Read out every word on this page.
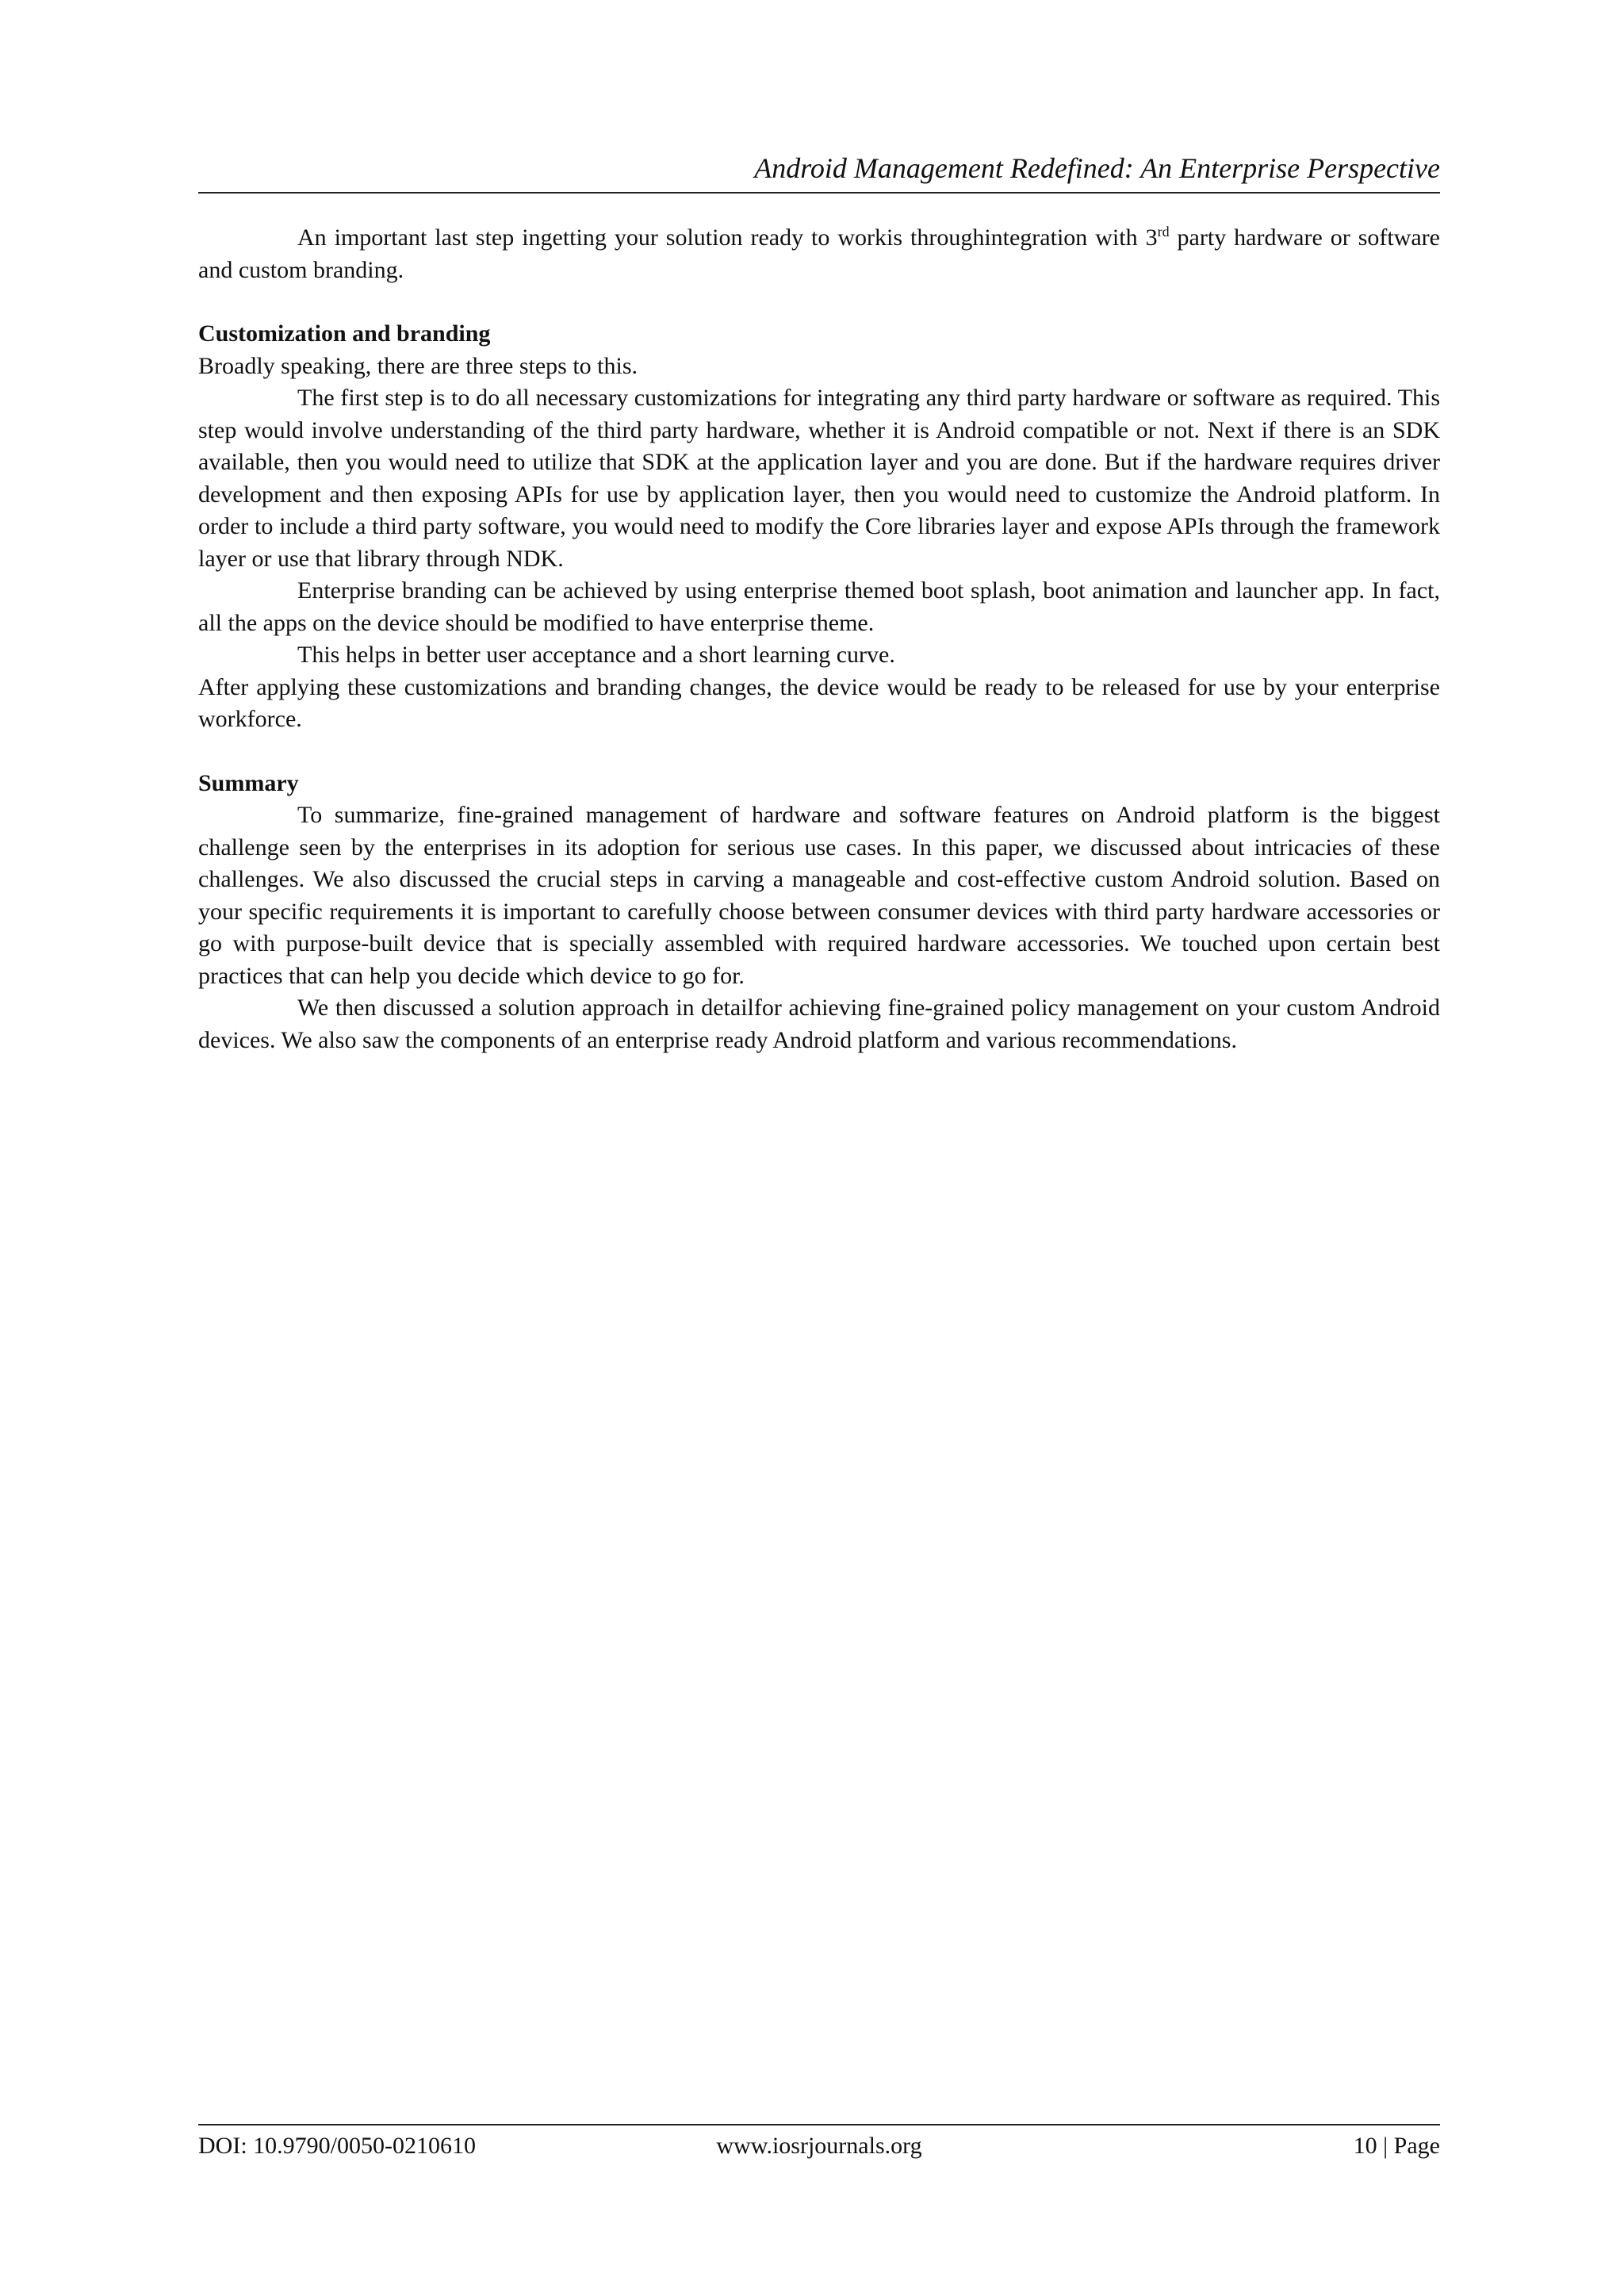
Android Management Redefined: An Enterprise Perspective

An important last step ingetting your solution ready to workis throughintegration with 3rd party hardware or software and custom branding.

Customization and branding

Broadly speaking, there are three steps to this.

The first step is to do all necessary customizations for integrating any third party hardware or software as required. This step would involve understanding of the third party hardware, whether it is Android compatible or not. Next if there is an SDK available, then you would need to utilize that SDK at the application layer and you are done. But if the hardware requires driver development and then exposing APIs for use by application layer, then you would need to customize the Android platform. In order to include a third party software, you would need to modify the Core libraries layer and expose APIs through the framework layer or use that library through NDK.

Enterprise branding can be achieved by using enterprise themed boot splash, boot animation and launcher app. In fact, all the apps on the device should be modified to have enterprise theme.

This helps in better user acceptance and a short learning curve.

After applying these customizations and branding changes, the device would be ready to be released for use by your enterprise workforce.

Summary

To summarize, fine-grained management of hardware and software features on Android platform is the biggest challenge seen by the enterprises in its adoption for serious use cases. In this paper, we discussed about intricacies of these challenges. We also discussed the crucial steps in carving a manageable and cost-effective custom Android solution. Based on your specific requirements it is important to carefully choose between consumer devices with third party hardware accessories or go with purpose-built device that is specially assembled with required hardware accessories. We touched upon certain best practices that can help you decide which device to go for.

We then discussed a solution approach in detailfor achieving fine-grained policy management on your custom Android devices. We also saw the components of an enterprise ready Android platform and various recommendations.

DOI: 10.9790/0050-0210610	www.iosrjournals.org	10 | Page
